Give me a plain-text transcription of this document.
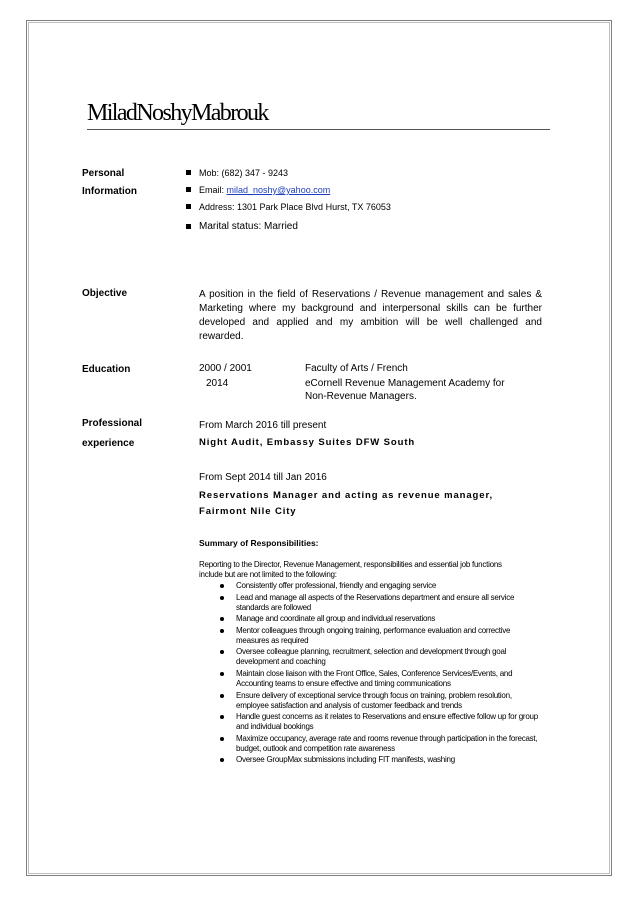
MiladNoshyMabrouk
Personal
Information
Mob: (682) 347 - 9243
Email: milad_noshy@yahoo.com
Address: 1301 Park Place Blvd Hurst, TX 76053
Marital status: Married
Objective	A position in the field of Reservations / Revenue management and sales & Marketing where my background and interpersonal skills can be further developed and applied and my ambition will be well challenged and rewarded.
Education	2000 / 2001	Faculty of Arts / French
2014	eCornell Revenue Management Academy for
Non-Revenue Managers.
Professional
experience
From March 2016 till present
Night Audit, Embassy Suites DFW South
From Sept 2014 till Jan 2016
Reservations Manager and acting as revenue manager,
Fairmont Nile City
Summary of Responsibilities:
Reporting to the Director, Revenue Management, responsibilities and essential job functions include but are not limited to the following:
Consistently offer professional, friendly and engaging service
Lead and manage all aspects of the Reservations department and ensure all service standards are followed
Manage and coordinate all group and individual reservations
Mentor colleagues through ongoing training, performance evaluation and corrective measures as required
Oversee colleague planning, recruitment, selection and development through goal development and coaching
Maintain close liaison with the Front Office, Sales, Conference Services/Events, and Accounting teams to ensure effective and timing communications
Ensure delivery of exceptional service through focus on training, problem resolution, employee satisfaction and analysis of customer feedback and trends
Handle guest concerns as it relates to Reservations and ensure effective follow up for group and individual bookings
Maximize occupancy, average rate and rooms revenue through participation in the forecast, budget, outlook and competition rate awareness
Oversee GroupMax submissions including FIT manifests, washing
